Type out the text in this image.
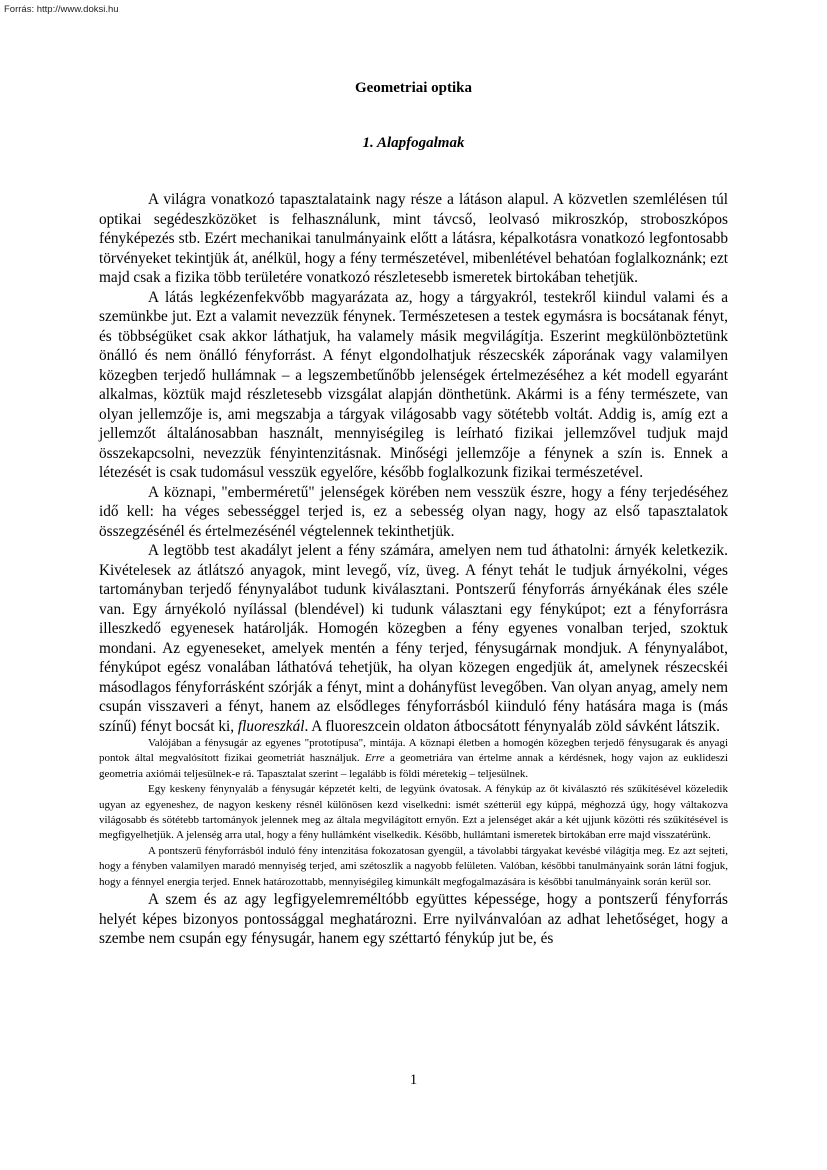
Forrás: http://www.doksi.hu
Geometriai optika
1. Alapfogalmak

A világra vonatkozó tapasztalataink nagy része a látáson alapul. A közvetlen szemlélésen túl optikai segédeszközöket is felhasználunk, mint távcső, leolvasó mikroszkóp, stroboszkópos fényképezés stb. Ezért mechanikai tanulmányaink előtt a látásra, képalkotásra vonatkozó legfontosabb törvényeket tekintjük át, anélkül, hogy a fény természetével, mibenlétével behatóan foglalkoznánk; ezt majd csak a fizika több területére vonatkozó részletesebb ismeretek birtokában tehetjük.

A látás legkézenfekvőbb magyarázata az, hogy a tárgyakról, testekről kiindul valami és a szemünkbe jut. Ezt a valamit nevezzük fénynek. Természetesen a testek egymásra is bocsátanak fényt, és többségüket csak akkor láthatjuk, ha valamely másik megvilágítja. Eszerint megkülönböztetünk önálló és nem önálló fényforrást. A fényt elgondolhatjuk részecskék záporának vagy valamilyen közegben terjedő hullámnak – a legszembetűnőbb jelenségek értelmezéséhez a két modell egyaránt alkalmas, köztük majd részletesebb vizsgálat alapján dönthetünk. Akármi is a fény természete, van olyan jellemzője is, ami megszabja a tárgyak világosabb vagy sötétebb voltát. Addig is, amíg ezt a jellemzőt általánosabban használt, mennyiségileg is leírható fizikai jellemzővel tudjuk majd összekapcsolni, nevezzük fényintenzitásnak. Minőségi jellemzője a fénynek a szín is. Ennek a létezését is csak tudomásul vesszük egyelőre, később foglalkozunk fizikai természetével.

A köznapi, "emberméretű" jelenségek körében nem vesszük észre, hogy a fény terjedéséhez idő kell: ha véges sebességgel terjed is, ez a sebesség olyan nagy, hogy az első tapasztalatok összegzésénél és értelmezésénél végtelennek tekinthetjük.

A legtöbb test akadályt jelent a fény számára, amelyen nem tud áthatolni: árnyék keletkezik. Kivételesek az átlátszó anyagok, mint levegő, víz, üveg. A fényt tehát le tudjuk árnyékolni, véges tartományban terjedő fénynyalábot tudunk kiválasztani. Pontszerű fényforrás árnyékának éles széle van. Egy árnyékoló nyílással (blendével) ki tudunk választani egy fénykúpot; ezt a fényforrásra illeszkedő egyenesek határolják. Homogén közegben a fény egyenes vonalban terjed, szoktuk mondani. Az egyeneseket, amelyek mentén a fény terjed, fénysugárnak mondjuk. A fénynyalábot, fénykúpot egész vonalában láthatóvá tehetjük, ha olyan közegen engedjük át, amelynek részecskéi másodlagos fényforrásként szórják a fényt, mint a dohányfüst levegőben. Van olyan anyag, amely nem csupán visszaveri a fényt, hanem az elsődleges fényforrásból kiinduló fény hatására maga is (más színű) fényt bocsát ki, fluoreszkál. A fluoreszcein oldaton átbocsátott fénynyaláb zöld sávként látszik.

Valójában a fénysugár az egyenes "prototípusa", mintája. A köznapi életben a homogén közegben terjedő fénysugarak és anyagi pontok által megvalósított fizikai geometriát használjuk. Erre a geometriára van értelme annak a kérdésnek, hogy vajon az euklideszi geometria axiómái teljesülnek-e rá. Tapasztalat szerint – legalább is földi méretekig – teljesülnek.

Egy keskeny fénynyaláb a fénysugár képzetét kelti, de legyünk óvatosak. A fénykúp az őt kiválasztó rés szűkítésével közeledik ugyan az egyeneshez, de nagyon keskeny résnél különösen kezd viselkedni: ismét szétterül egy kúppá, méghozzá úgy, hogy váltakozva világosabb és sötétebb tartományok jelennek meg az általa megvilágított ernyőn. Ezt a jelenséget akár a két ujjunk közötti rés szűkítésével is megfigyelhetjük. A jelenség arra utal, hogy a fény hullámként viselkedik. Később, hullámtani ismeretek birtokában erre majd visszatérünk.

A pontszerű fényforrásból induló fény intenzitása fokozatosan gyengül, a távolabbi tárgyakat kevésbé világítja meg. Ez azt sejteti, hogy a fényben valamilyen maradó mennyiség terjed, ami szétoszlik a nagyobb felületen. Valóban, későbbi tanulmányaink során látni fogjuk, hogy a fénnyel energia terjed. Ennek határozottabb, mennyiségileg kimunkált megfogalmazására is későbbi tanulmányaink során kerül sor.

A szem és az agy legfigyelemreméltóbb együttes képessége, hogy a pontszerű fényforrás helyét képes bizonyos pontossággal meghatározni. Erre nyilvánvalóan az adhat lehetőséget, hogy a szembe nem csupán egy fénysugár, hanem egy széttartó fénykúp jut be, és

1
